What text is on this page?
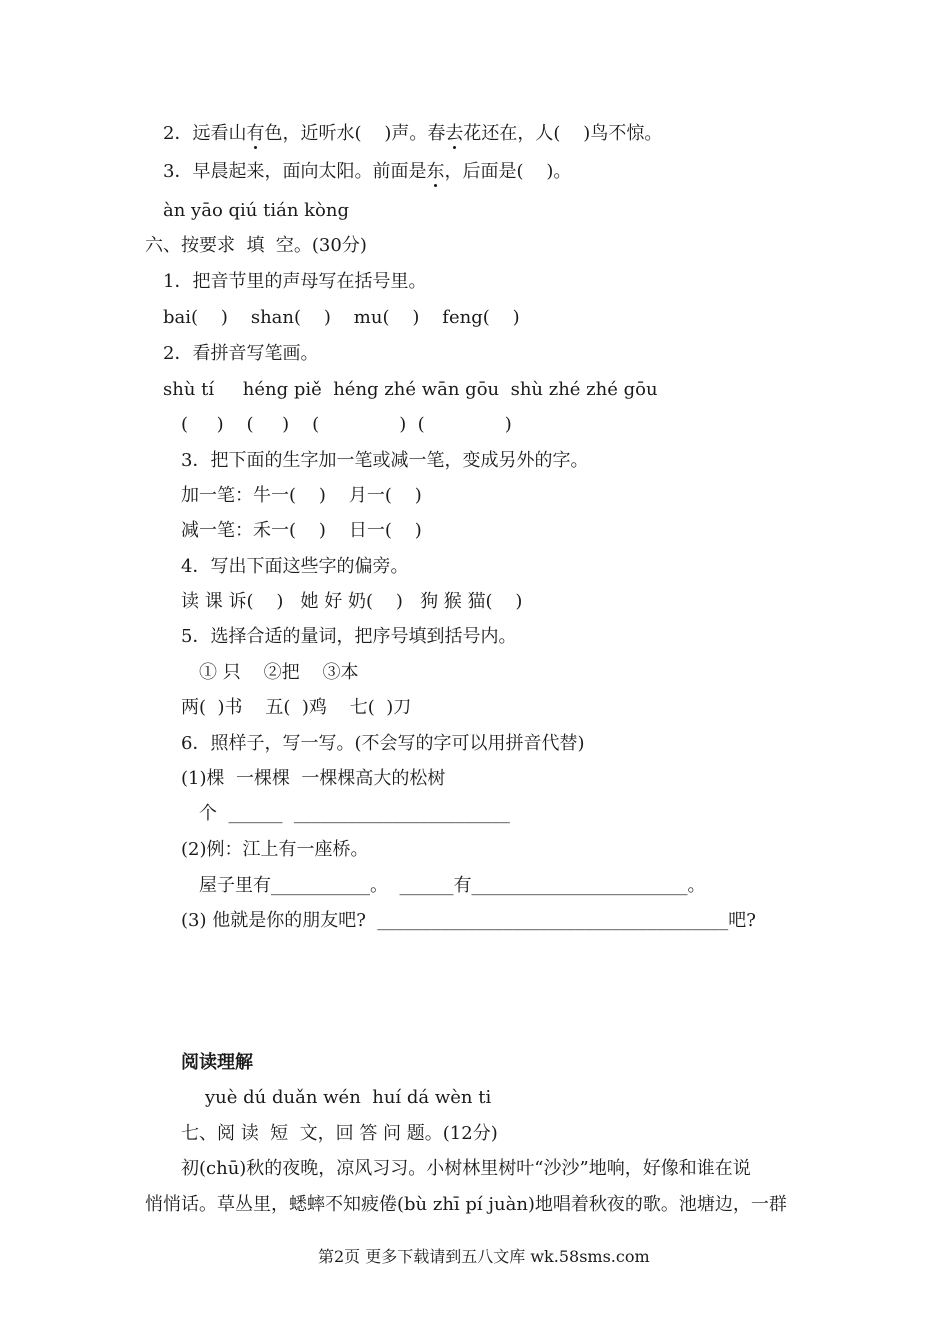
2．远看山有色，近听水(    )声。春去花还在，人(    )鸟不惊。
3．早晨起来，面向太阳。前面是东，后面是(    )。
àn yāo qiú tián kòng
六、按要求  填  空。(30分)
1．把音节里的声母写在括号里。
bai(    )    shan(    )    mu(    )    feng(    )
2．看拼音写笔画。
shù tí     héng piě  héng zhé wān gōu  shù zhé zhé gōu
(     )    (     )    (              )  (              )
3．把下面的生字加一笔或减一笔，变成另外的字。
加一笔：牛一(    )    月一(    )
减一笔：禾一(    )    日一(    )
4．写出下面这些字的偏旁。
读 课 诉(    )   她 好 奶(    )   狗 猴 猫(    )
5．选择合适的量词，把序号填到括号内。
① 只    ②把    ③本
两(  )书    五(  )鸡    七(  )刀
6．照样子，写一写。(不会写的字可以用拼音代替)
(1)棵  一棵棵  一棵棵高大的松树
个  ______  ________________________
(2)例：江上有一座桥。
屋子里有___________。  ______有________________________。
(3) 他就是你的朋友吧?  _______________________________________吧?
阅读理解
yuè dú duǎn wén  huí dá wèn ti
七、阅 读  短  文，回 答 问 题。(12分)
初(chū)秋的夜晚，凉风习习。小树林里树叶“沙沙”地响，好像和谁在说
悄悄话。草丛里，蟋蟀不知疲倦(bù zhī pí juàn)地唱着秋夜的歌。池塘边，一群
第2页 更多下载请到五八文库 wk.58sms.com
